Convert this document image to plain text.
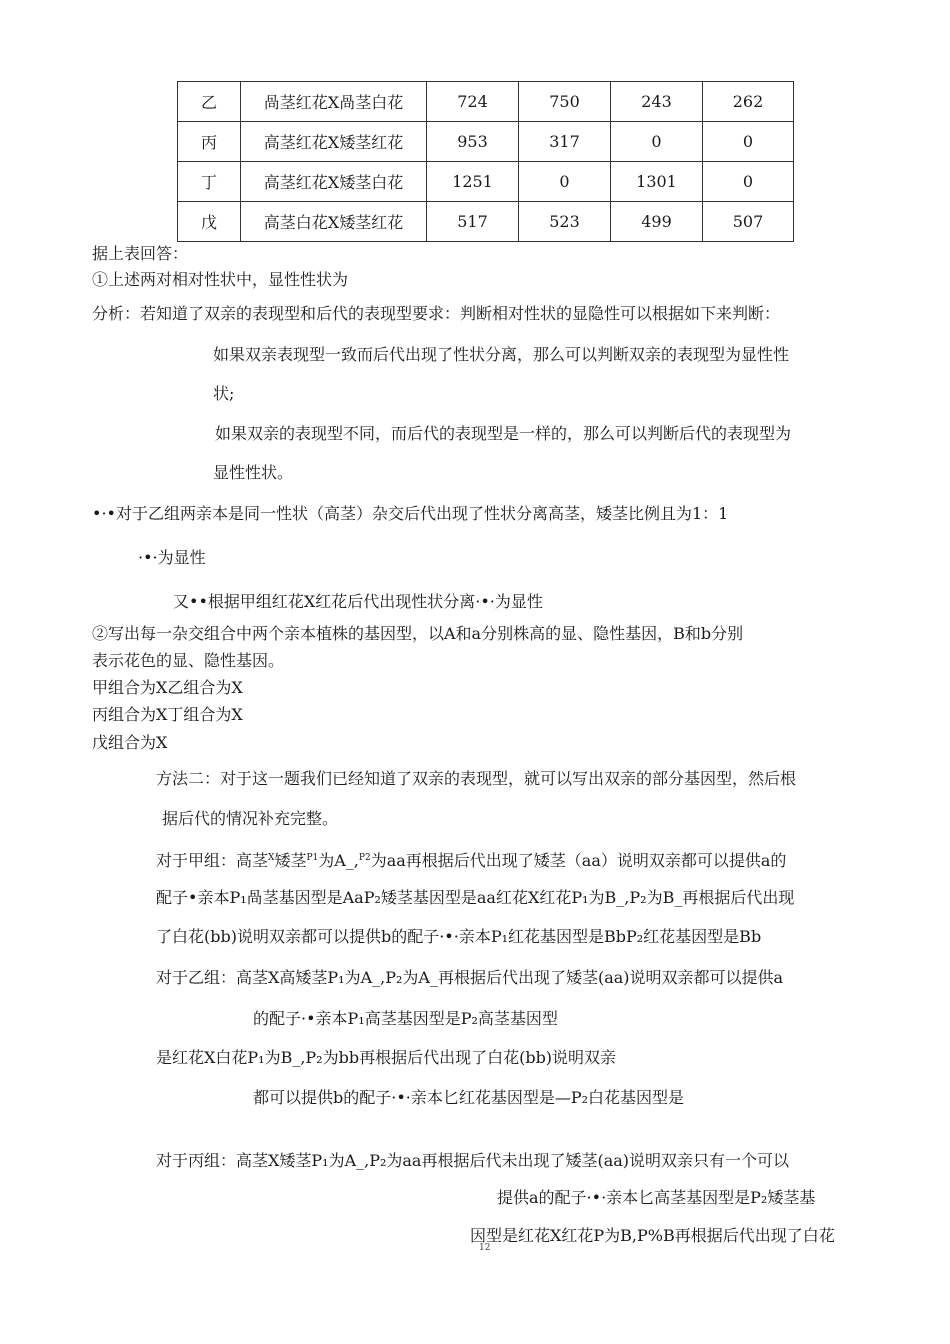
乙	咼茎红花X咼茎白花	724	750	243	262
丙	高茎红花X矮茎红花	953	317	0	0
丁	高茎红花X矮茎白花	1251	0	1301	0
戊	高茎白花X矮茎红花	517	523	499	507
据上表回答：
①上述两对相对性状中，显性性状为
分析：若知道了双亲的表现型和后代的表现型要求：判断相对性状的显隐性可以根据如下来判断：
如果双亲表现型一致而后代出现了性状分离，那么可以判断双亲的表现型为显性性
状;
如果双亲的表现型不同，而后代的表现型是一样的，那么可以判断后代的表现型为
显性性状。
•·•对于乙组两亲本是同一性状（高茎）杂交后代出现了性状分离高茎，矮茎比例且为1：1
·•·为显性
又••根据甲组红花X红花后代出现性状分离·•·为显性
②写出每一杂交组合中两个亲本植株的基因型，以A和a分别株高的显、隐性基因，B和b分别
表示花色的显、隐性基因。
甲组合为X乙组合为X
丙组合为X丁组合为X
戊组合为X
方法二：对于这一题我们已经知道了双亲的表现型，就可以写出双亲的部分基因型，然后根
据后代的情况补充完整。
对于甲组：高茎$^X$矮茎$^{P1}$为A_,$^{P2}$为aa再根据后代出现了矮茎（aa）说明双亲都可以提供a的
配子•亲本P₁咼茎基因型是AaP₂矮茎基因型是aa红花X红花P₁为B_,P₂为B_再根据后代出现
了白花(bb)说明双亲都可以提供b的配子·•·亲本P₁红花基因型是BbP₂红花基因型是Bb
对于乙组：高茎X高矮茎P₁为A_,P₂为A_再根据后代出现了矮茎(aa)说明双亲都可以提供a
的配子·•亲本P₁高茎基因型是P₂高茎基因型
是红花X白花P₁为B_,P₂为bb再根据后代出现了白花(bb)说明双亲
都可以提供b的配子·•·亲本匕红花基因型是—P₂白花基因型是
对于丙组：高茎X矮茎P₁为A_,P₂为aa再根据后代未出现了矮茎(aa)说明双亲只有一个可以
提供a的配子·•·亲本匕高茎基因型是P₂矮茎基
因型是红花X红花P为B,P%B再根据后代出现了白花
12
